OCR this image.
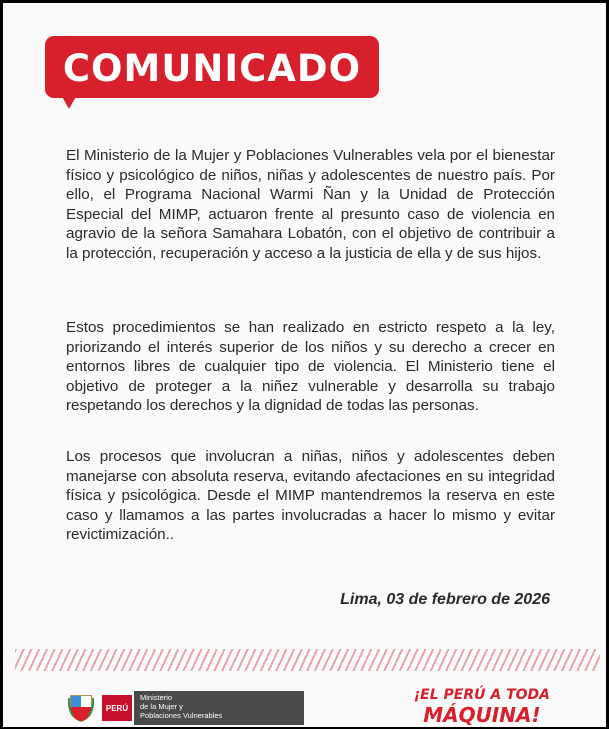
COMUNICADO
El Ministerio de la Mujer y Poblaciones Vulnerables vela por el bienestar físico y psicológico de niños, niñas y adolescentes de nuestro país. Por ello, el Programa Nacional Warmi Ñan y la Unidad de Protección Especial del MIMP, actuaron frente al presunto caso de violencia en agravio de la señora Samahara Lobatón, con el objetivo de contribuir a la protección, recuperación y acceso a la justicia de ella y de sus hijos.
Estos procedimientos se han realizado en estricto respeto a la ley, priorizando el interés superior de los niños y su derecho a crecer en entornos libres de cualquier tipo de violencia. El Ministerio tiene el objetivo de proteger a la niñez vulnerable y desarrolla su trabajo respetando los derechos y la dignidad de todas las personas.
Los procesos que involucran a niñas, niños y adolescentes deben manejarse con absoluta reserva, evitando afectaciones en su integridad física y psicológica. Desde el MIMP mantendremos la reserva en este caso y llamamos a las partes involucradas a hacer lo mismo y evitar revictimización..
Lima, 03 de febrero de 2026
PERÚ
Ministerio
de la Mujer y
Poblaciones Vulnerables
¡EL PERÚ A TODA
MÁQUINA!
